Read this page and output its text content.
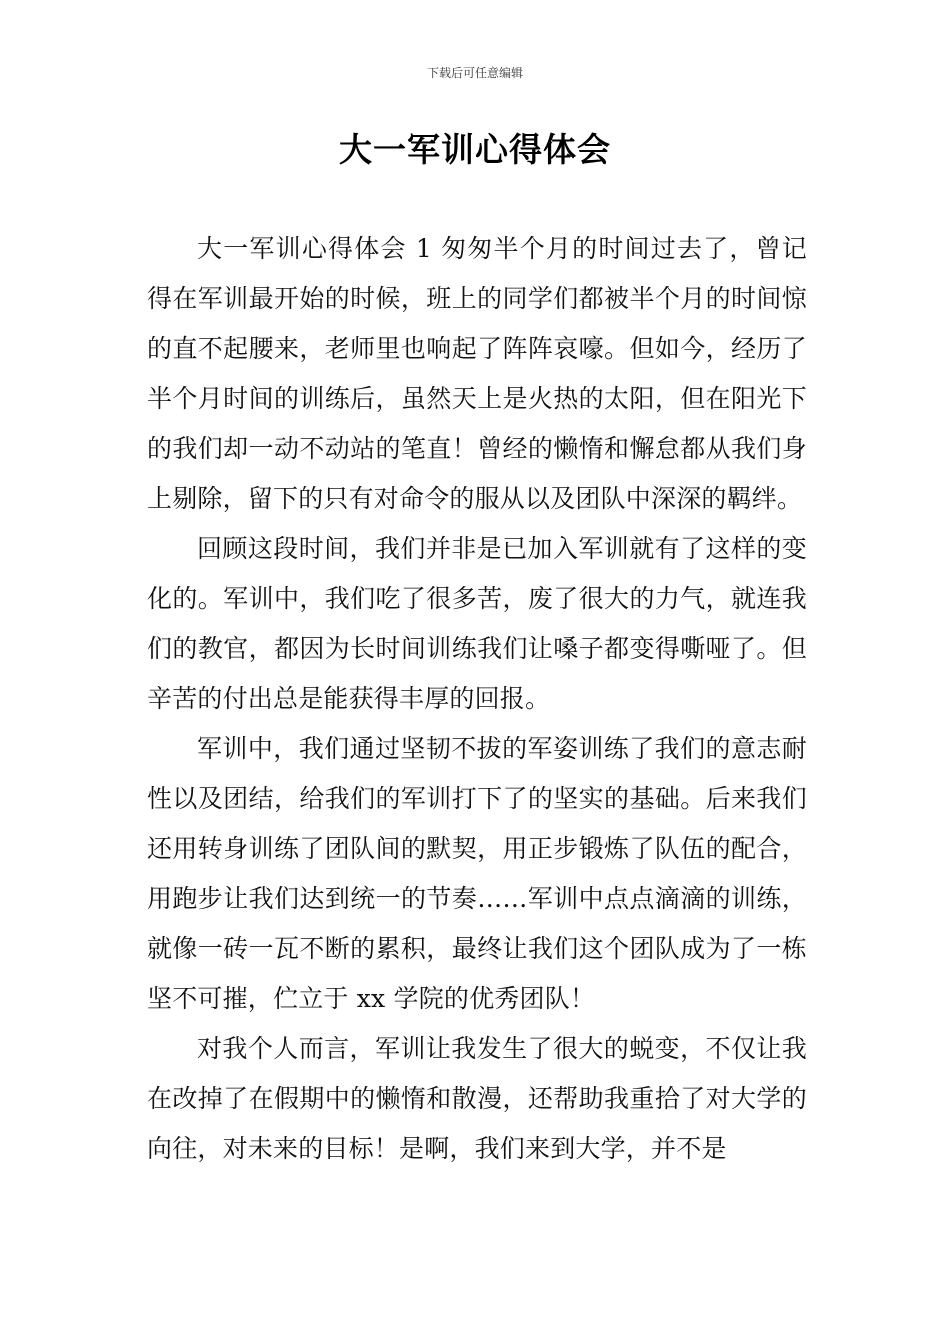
下载后可任意编辑
大一军训心得体会

大一军训心得体会 1 匆匆半个月的时间过去了，曾记得在军训最开始的时候，班上的同学们都被半个月的时间惊的直不起腰来，老师里也响起了阵阵哀嚎。但如今，经历了半个月时间的训练后，虽然天上是火热的太阳，但在阳光下的我们却一动不动站的笔直！曾经的懒惰和懈怠都从我们身上剔除，留下的只有对命令的服从以及团队中深深的羁绊。

回顾这段时间，我们并非是已加入军训就有了这样的变化的。军训中，我们吃了很多苦，废了很大的力气，就连我们的教官，都因为长时间训练我们让嗓子都变得嘶哑了。但辛苦的付出总是能获得丰厚的回报。

军训中，我们通过坚韧不拔的军姿训练了我们的意志耐性以及团结，给我们的军训打下了的坚实的基础。后来我们还用转身训练了团队间的默契，用正步锻炼了队伍的配合，用跑步让我们达到统一的节奏……军训中点点滴滴的训练，就像一砖一瓦不断的累积，最终让我们这个团队成为了一栋坚不可摧，伫立于 xx 学院的优秀团队！

对我个人而言，军训让我发生了很大的蜕变，不仅让我在改掉了在假期中的懒惰和散漫，还帮助我重拾了对大学的向往，对未来的目标！是啊，我们来到大学，并不是
